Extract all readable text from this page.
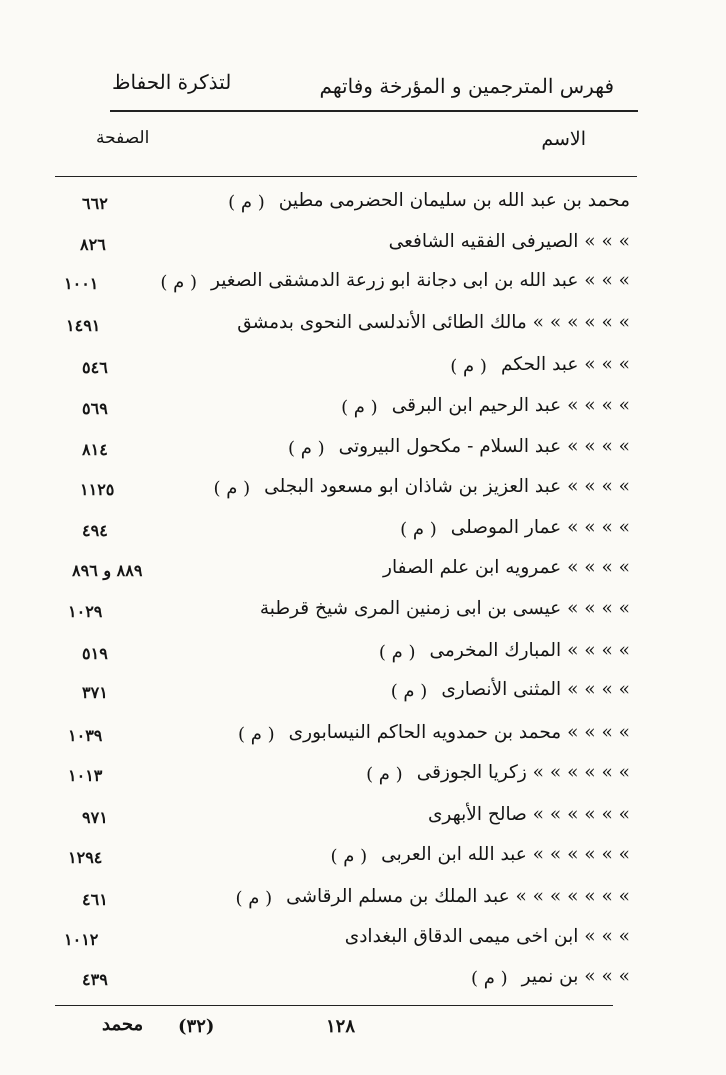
فهرس المترجمين و المؤرخة وفاتهم
لتذكرة الحفاظ
الاسم
الصفحة
محمد بن عبد الله بن سليمان الحضرمى مطين
( م )
٦٦٢
» » » الصيرفى الفقيه الشافعى
٨٢٦
» » » عبد الله بن ابى دجانة ابو زرعة الدمشقى الصغير
( م )
١٠٠١
» » » » » » مالك الطائى الأندلسى النحوى بدمشق
١٤٩١
» » » عبد الحكم
( م )
٥٤٦
» » » » عبد الرحيم ابن البرقى
( م )
٥٦٩
» » » » عبد السلام - مكحول البيروتى
( م )
٨١٤
» » » » عبد العزيز بن شاذان ابو مسعود البجلى
( م )
١١٢٥
» » » » عمار الموصلى
( م )
٤٩٤
» » » » عمرويه ابن علم الصفار
٨٨٩ و ٨٩٦
» » » » عيسى بن ابى زمنين المرى شيخ قرطبة
١٠٢٩
» » » » المبارك المخرمى
( م )
٥١٩
» » » » المثنى الأنصارى
( م )
٣٧١
» » » » محمد بن حمدويه الحاكم النيسابورى
( م )
١٠٣٩
» » » » » » زكريا الجوزقى
( م )
١٠١٣
» » » » » » صالح الأبهرى
٩٧١
» » » » » » عبد الله ابن العربى
( م )
١٢٩٤
» » » » » » » عبد الملك بن مسلم الرقاشى
( م )
٤٦١
» » » ابن اخى ميمى الدقاق البغدادى
١٠١٢
» » » بن نمير
( م )
٤٣٩
١٢٨
(٣٢)
محمد
